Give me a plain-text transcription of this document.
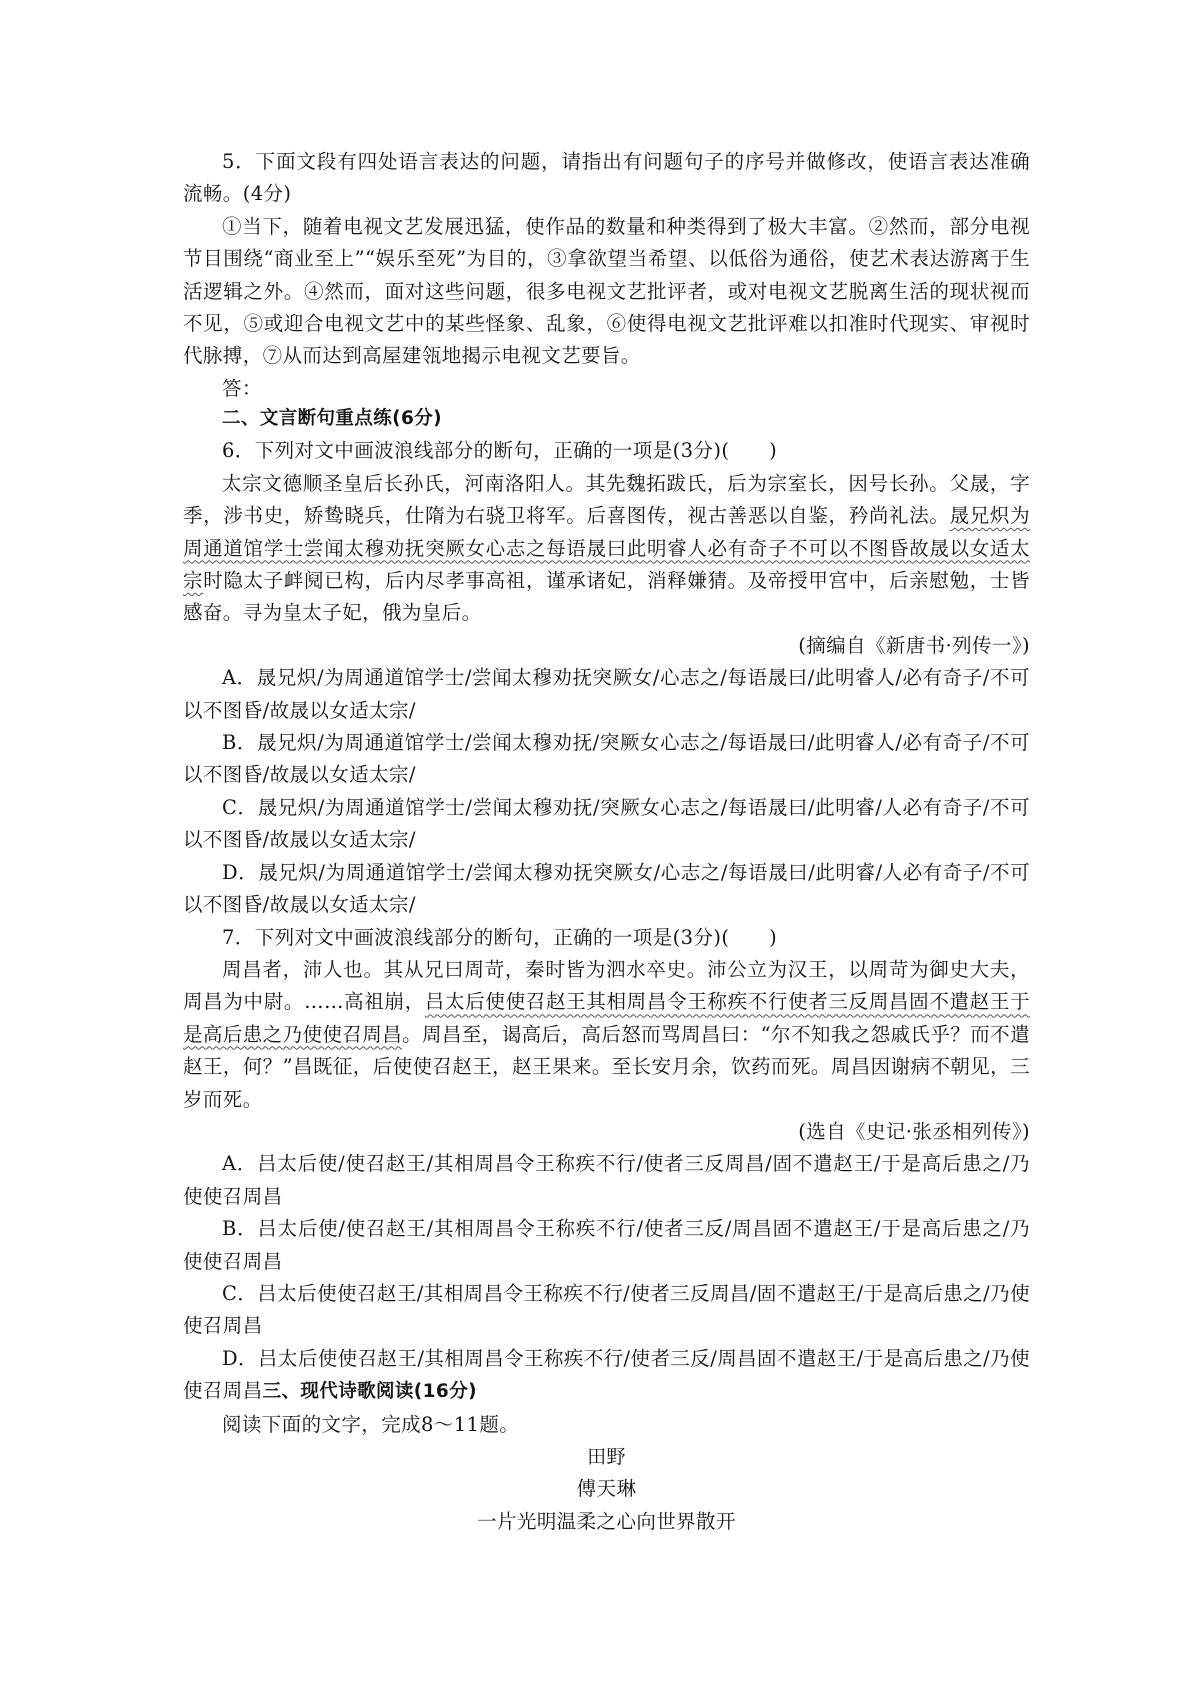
5．下面文段有四处语言表达的问题，请指出有问题句子的序号并做修改，使语言表达准确流畅。(4分)

①当下，随着电视文艺发展迅猛，使作品的数量和种类得到了极大丰富。②然而，部分电视节目围绕“商业至上”“娱乐至死”为目的，③拿欲望当希望、以低俗为通俗，使艺术表达游离于生活逻辑之外。④然而，面对这些问题，很多电视文艺批评者，或对电视文艺脱离生活的现状视而不见，⑤或迎合电视文艺中的某些怪象、乱象，⑥使得电视文艺批评难以扣准时代现实、审视时代脉搏，⑦从而达到高屋建瓴地揭示电视文艺要旨。

答：

二、文言断句重点练(6分)

6．下列对文中画波浪线部分的断句，正确的一项是(3分)(　　)

太宗文德顺圣皇后长孙氏，河南洛阳人。其先魏拓跋氏，后为宗室长，因号长孙。父晟，字季，涉书史，矫鸷晓兵，仕隋为右骁卫将军。后喜图传，视古善恶以自鉴，矜尚礼法。晟兄炽为周通道馆学士尝闻太穆劝抚突厥女心志之每语晟曰此明睿人必有奇子不可以不图昏故晟以女适太宗时隐太子衅阋已构，后内尽孝事高祖，谨承诸妃，消释嫌猜。及帝授甲宫中，后亲慰勉，士皆感奋。寻为皇太子妃，俄为皇后。

(摘编自《新唐书·列传一》)

A．晟兄炽/为周通道馆学士/尝闻太穆劝抚突厥女/心志之/每语晟曰/此明睿人/必有奇子/不可以不图昏/故晟以女适太宗/

B．晟兄炽/为周通道馆学士/尝闻太穆劝抚/突厥女心志之/每语晟曰/此明睿人/必有奇子/不可以不图昏/故晟以女适太宗/

C．晟兄炽/为周通道馆学士/尝闻太穆劝抚/突厥女心志之/每语晟曰/此明睿/人必有奇子/不可以不图昏/故晟以女适太宗/

D．晟兄炽/为周通道馆学士/尝闻太穆劝抚突厥女/心志之/每语晟曰/此明睿/人必有奇子/不可以不图昏/故晟以女适太宗/

7．下列对文中画波浪线部分的断句，正确的一项是(3分)(　　)

周昌者，沛人也。其从兄曰周苛，秦时皆为泗水卒史。沛公立为汉王，以周苛为御史大夫，周昌为中尉。……高祖崩，吕太后使使召赵王其相周昌令王称疾不行使者三反周昌固不遣赵王于是高后患之乃使使召周昌。周昌至，谒高后，高后怒而骂周昌曰：“尔不知我之怨戚氏乎？而不遣赵王，何？”昌既征，后使使召赵王，赵王果来。至长安月余，饮药而死。周昌因谢病不朝见，三岁而死。

(选自《史记·张丞相列传》)

A．吕太后使/使召赵王/其相周昌令王称疾不行/使者三反周昌/固不遣赵王/于是高后患之/乃使使召周昌

B．吕太后使/使召赵王/其相周昌令王称疾不行/使者三反/周昌固不遣赵王/于是高后患之/乃使使召周昌

C．吕太后使使召赵王/其相周昌令王称疾不行/使者三反周昌/固不遣赵王/于是高后患之/乃使使召周昌

D．吕太后使使召赵王/其相周昌令王称疾不行/使者三反/周昌固不遣赵王/于是高后患之/乃使使召周昌三、现代诗歌阅读(16分)

阅读下面的文字，完成8～11题。

田野

傅天琳

一片光明温柔之心向世界散开
